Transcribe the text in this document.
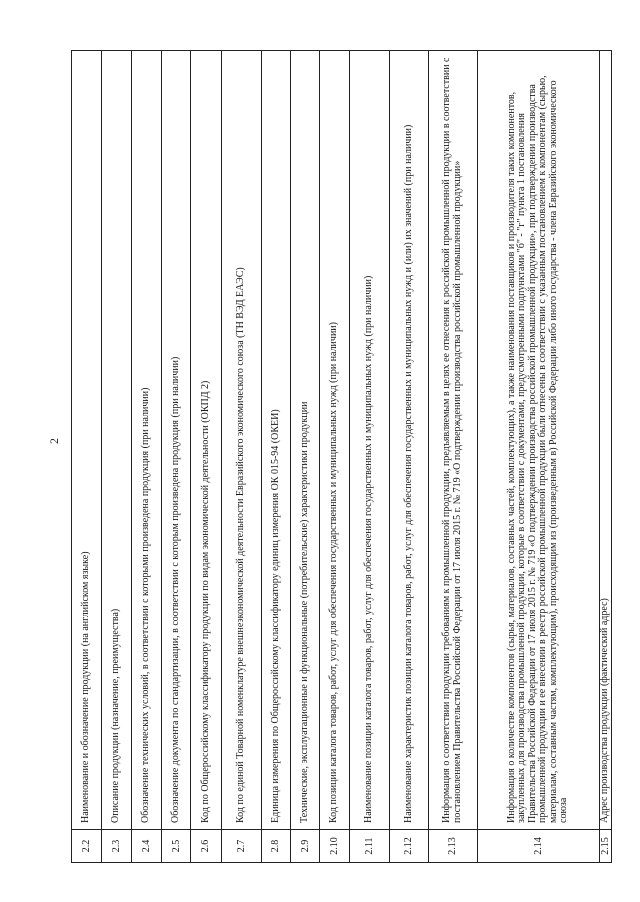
2
2.2
Наименование и обозначение продукции (на английском языке)
2.3
Описание продукции (назначение, преимущества)
2.4
Обозначение технических условий, в соответствии с которыми произведена продукция (при наличии)
2.5
Обозначение документа по стандартизации, в соответствии с которым произведена продукция (при наличии)
2.6
Код по Общероссийскому классификатору продукции по видам экономической деятельности (ОКПД 2)
2.7
Код по единой Товарной номенклатуре внешнеэкономической деятельности Евразийского экономического союза (ТН ВЭД ЕАЭС)
2.8
Единица измерения по Общероссийскому классификатору единиц измерения ОК 015-94 (ОКЕИ)
2.9
Технические, эксплуатационные и функциональные (потребительские) характеристики продукции
2.10
Код позиции каталога товаров, работ, услуг для обеспечения государственных и муниципальных нужд (при наличии)
2.11
Наименование позиции каталога товаров, работ, услуг для обеспечения государственных и муниципальных нужд (при наличии)
2.12
Наименование характеристик позиции каталога товаров, работ, услуг для обеспечения государственных и муниципальных нужд и (или) их значений (при наличии)
2.13
Информация о соответствии продукции требованиям к промышленной продукции, предъявляемым в целях ее отнесения к российской промышленной продукции в соответствии с постановлением Правительства Российской Федерации от 17 июля 2015 г. № 719 «О подтверждении производства российской промышленной продукции»
2.14
Информация о количестве компонентов (сырья, материалов, составных частей, комплектующих), а также наименования поставщиков и производителя таких компонентов, закупленных для производства промышленной продукции, которые в соответствии с документами, предусмотренными подпунктами "б" - "г" пункта 1 постановления Правительства Российской Федерации от 17 июля 2015 г. № 719 «О подтверждении производства российской промышленной продукции», при подтверждении производства промышленной продукции и ее внесении в реестр российской промышленной продукции были отнесены в соответствии с указанным постановлением к компонентам (сырью, материалам, составным частям, комплектующим), происходящим из (произведенным в) Российской Федерации либо иного государства - члена Евразийского экономического союза
2.15
Адрес производства продукции (фактический адрес)
